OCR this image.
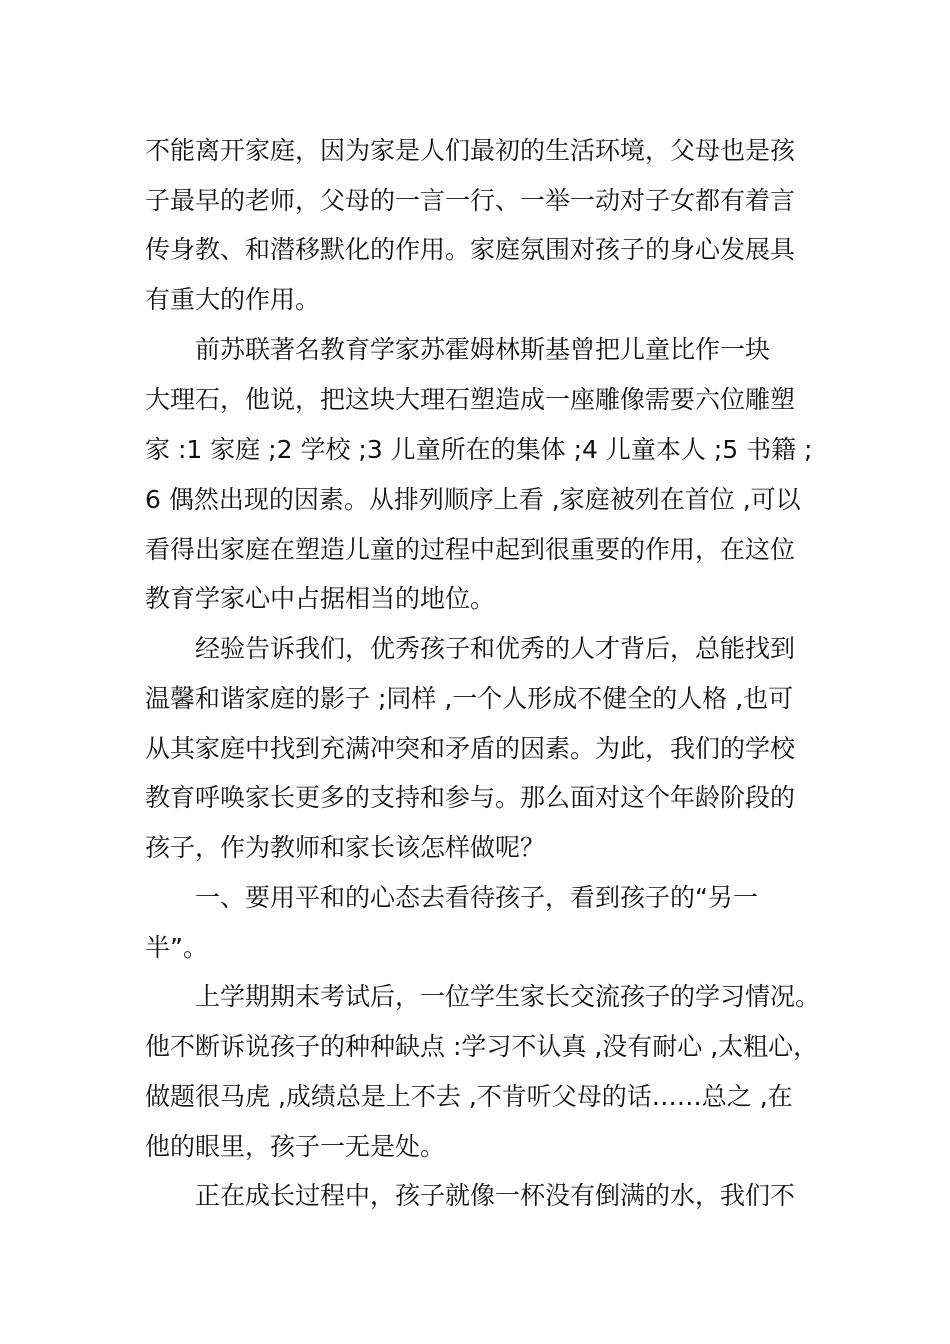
不能离开家庭，因为家是人们最初的生活环境，父母也是孩
子最早的老师，父母的一言一行、一举一动对子女都有着言
传身教、和潜移默化的作用。家庭氛围对孩子的身心发展具
有重大的作用。
前苏联著名教育学家苏霍姆林斯基曾把儿童比作一块
大理石，他说，把这块大理石塑造成一座雕像需要六位雕塑
家 :1 家庭 ;2 学校 ;3 儿童所在的集体 ;4 儿童本人 ;5 书籍 ;
6 偶然出现的因素。从排列顺序上看 ,家庭被列在首位 ,可以
看得出家庭在塑造儿童的过程中起到很重要的作用，在这位
教育学家心中占据相当的地位。
经验告诉我们，优秀孩子和优秀的人才背后，总能找到
温馨和谐家庭的影子 ;同样 ,一个人形成不健全的人格 ,也可
从其家庭中找到充满冲突和矛盾的因素。为此，我们的学校
教育呼唤家长更多的支持和参与。那么面对这个年龄阶段的
孩子，作为教师和家长该怎样做呢？
一、要用平和的心态去看待孩子，看到孩子的“另一
半”。
上学期期末考试后，一位学生家长交流孩子的学习情况。
他不断诉说孩子的种种缺点 :学习不认真 ,没有耐心 ,太粗心，
做题很马虎 ,成绩总是上不去 ,不肯听父母的话……总之 ,在
他的眼里，孩子一无是处。
正在成长过程中，孩子就像一杯没有倒满的水，我们不
